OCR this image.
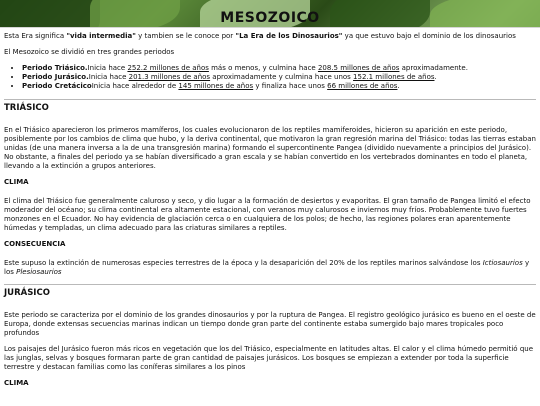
MESOZOICO

Esta Era significa "vida intermedia" y tambien se le conoce por "La Era de los Dinosaurios" ya que estuvo bajo el dominio de los dinosaurios

El Mesozoico se dividió en tres grandes periodos

• Periodo Triásico.Inicia hace 252.2 millones de años más o menos, y culmina hace 208.5 millones de años aproximadamente.
• Periodo Jurásico.Inicia hace 201.3 millones de años aproximadamente y culmina hace unos 152.1 millones de años.
• Periodo CretácicoInicia hace alrededor de 145 millones de años y finaliza hace unos 66 millones de años.
TRIÁSICO

En el Triásico aparecieron los primeros mamíferos, los cuales evolucionaron de los reptiles mamiferoides, hicieron su aparición en este periodo, posiblemente por los cambios de clima que hubo, y la deriva continental, que motivaron la gran regresión marina del Triásico: todas las tierras estaban unidas (de una manera inversa a la de una transgresión marina) formando el supercontinente Pangea (dividido nuevamente a principios del Jurásico). No obstante, a finales del periodo ya se habían diversificado a gran escala y se habían convertido en los vertebrados dominantes en todo el planeta, llevando a la extinción a grupos anteriores.

CLIMA

El clima del Triásico fue generalmente caluroso y seco, y dio lugar a la formación de desiertos y evaporitas. El gran tamaño de Pangea limitó el efecto moderador del océano; su clima continental era altamente estacional, con veranos muy calurosos e inviernos muy fríos. Probablemente tuvo fuertes monzones en el Ecuador. No hay evidencia de glaciación cerca o en cualquiera de los polos; de hecho, las regiones polares eran aparentemente húmedas y templadas, un clima adecuado para las criaturas similares a reptiles.

CONSECUENCIA

Este supuso la extinción de numerosas especies terrestres de la época y la desaparición del 20% de los reptiles marinos salvándose los Ictiosaurios y los Plesiosaurios

JURÁSICO

Este periodo se caracteriza por el dominio de los grandes dinosaurios y por la ruptura de Pangea. El registro geológico jurásico es bueno en el oeste de Europa, donde extensas secuencias marinas indican un tiempo donde gran parte del continente estaba sumergido bajo mares tropicales poco profundos

Los paisajes del Jurásico fueron más ricos en vegetación que los del Triásico, especialmente en latitudes altas. El calor y el clima húmedo permitió que las junglas, selvas y bosques formaran parte de gran cantidad de paisajes jurásicos. Los bosques se empiezan a extender por toda la superficie terrestre y destacan familias como las coníferas similares a los pinos

CLIMA
